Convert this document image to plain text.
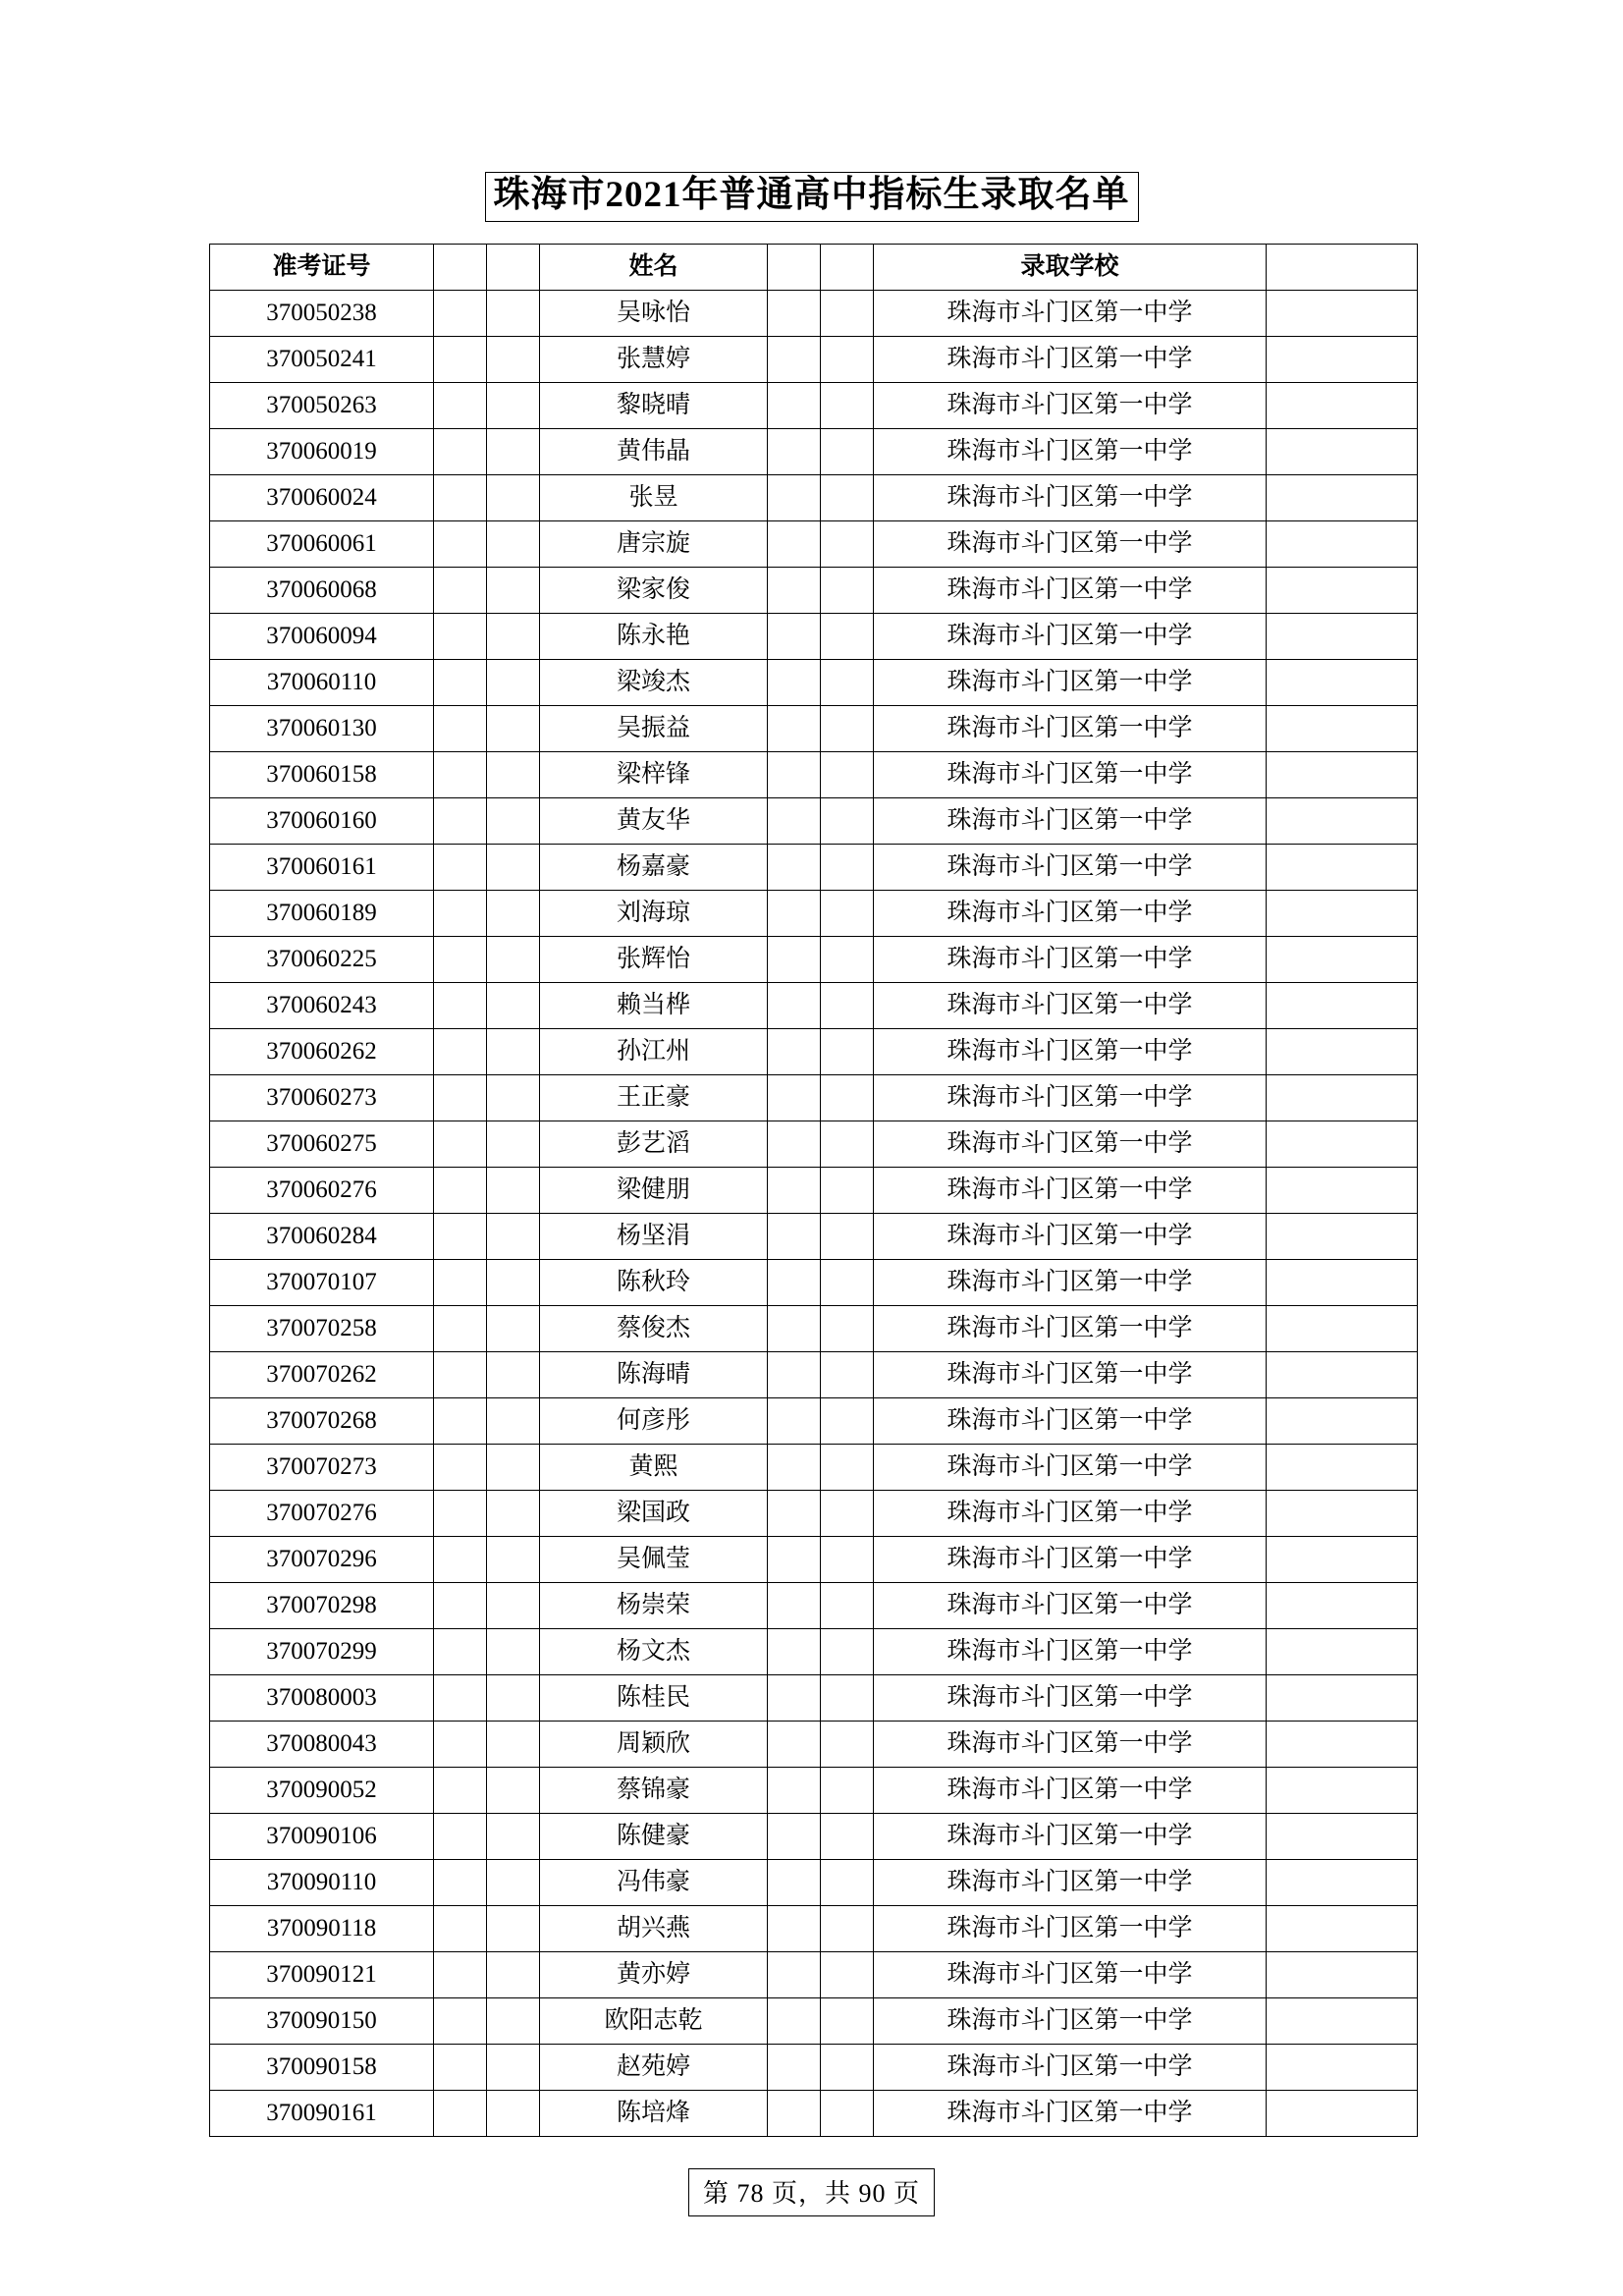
珠海市2021年普通高中指标生录取名单
准考证号			姓名			录取学校	
370050238			吴咏怡			珠海市斗门区第一中学	
370050241			张慧婷			珠海市斗门区第一中学	
370050263			黎晓晴			珠海市斗门区第一中学	
370060019			黄伟晶			珠海市斗门区第一中学	
370060024			张昱			珠海市斗门区第一中学	
370060061			唐宗旋			珠海市斗门区第一中学	
370060068			梁家俊			珠海市斗门区第一中学	
370060094			陈永艳			珠海市斗门区第一中学	
370060110			梁竣杰			珠海市斗门区第一中学	
370060130			吴振益			珠海市斗门区第一中学	
370060158			梁梓锋			珠海市斗门区第一中学	
370060160			黄友华			珠海市斗门区第一中学	
370060161			杨嘉豪			珠海市斗门区第一中学	
370060189			刘海琼			珠海市斗门区第一中学	
370060225			张辉怡			珠海市斗门区第一中学	
370060243			赖当桦			珠海市斗门区第一中学	
370060262			孙江州			珠海市斗门区第一中学	
370060273			王正豪			珠海市斗门区第一中学	
370060275			彭艺滔			珠海市斗门区第一中学	
370060276			梁健朋			珠海市斗门区第一中学	
370060284			杨坚涓			珠海市斗门区第一中学	
370070107			陈秋玲			珠海市斗门区第一中学	
370070258			蔡俊杰			珠海市斗门区第一中学	
370070262			陈海晴			珠海市斗门区第一中学	
370070268			何彦彤			珠海市斗门区第一中学	
370070273			黄熙			珠海市斗门区第一中学	
370070276			梁国政			珠海市斗门区第一中学	
370070296			吴佩莹			珠海市斗门区第一中学	
370070298			杨崇荣			珠海市斗门区第一中学	
370070299			杨文杰			珠海市斗门区第一中学	
370080003			陈桂民			珠海市斗门区第一中学	
370080043			周颖欣			珠海市斗门区第一中学	
370090052			蔡锦豪			珠海市斗门区第一中学	
370090106			陈健豪			珠海市斗门区第一中学	
370090110			冯伟豪			珠海市斗门区第一中学	
370090118			胡兴燕			珠海市斗门区第一中学	
370090121			黄亦婷			珠海市斗门区第一中学	
370090150			欧阳志乾			珠海市斗门区第一中学	
370090158			赵苑婷			珠海市斗门区第一中学	
370090161			陈培烽			珠海市斗门区第一中学	
第 78 页，共 90 页
